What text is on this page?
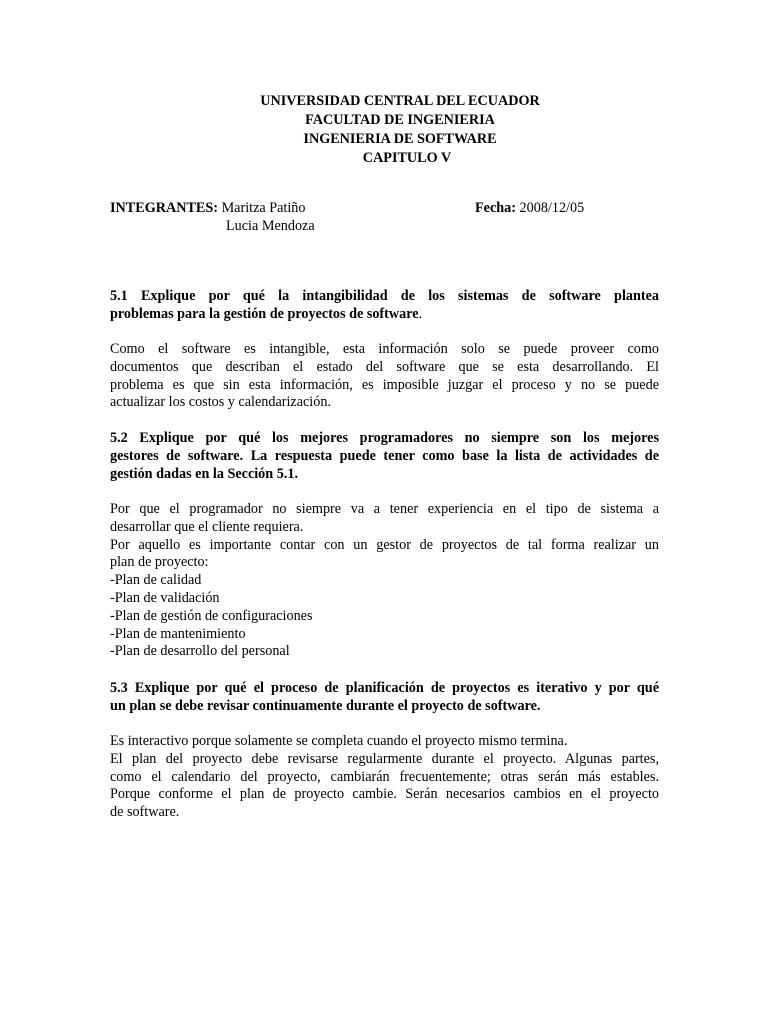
UNIVERSIDAD CENTRAL DEL ECUADOR
FACULTAD DE INGENIERIA
INGENIERIA DE SOFTWARE
CAPITULO V
INTEGRANTES: Maritza Patiño
Lucia Mendoza
Fecha: 2008/12/05
5.1 Explique por qué la intangibilidad de los sistemas de software plantea
problemas para la gestión de proyectos de software.
Como el software es intangible, esta información solo se puede proveer como
documentos que describan el estado del software que se esta desarrollando. El
problema es que sin esta información, es imposible juzgar el proceso y no se puede
actualizar los costos y calendarización.
5.2 Explique por qué los mejores programadores no siempre son los mejores
gestores de software. La respuesta puede tener como base la lista de actividades de
gestión dadas en la Sección 5.1.
Por que el programador no siempre va a tener experiencia en el tipo de sistema a
desarrollar que el cliente requiera.
Por aquello es importante contar con un gestor de proyectos de tal forma realizar un
plan de proyecto:
-Plan de calidad
-Plan de validación
-Plan de gestión de configuraciones
-Plan de mantenimiento
-Plan de desarrollo del personal
5.3 Explique por qué el proceso de planificación de proyectos es iterativo y por qué
un plan se debe revisar continuamente durante el proyecto de software.
Es interactivo porque solamente se completa cuando el proyecto mismo termina.
El plan del proyecto debe revisarse regularmente durante el proyecto. Algunas partes,
como el calendario del proyecto, cambiarán frecuentemente; otras serán más estables.
Porque conforme el plan de proyecto cambie. Serán necesarios cambios en el proyecto
de software.
